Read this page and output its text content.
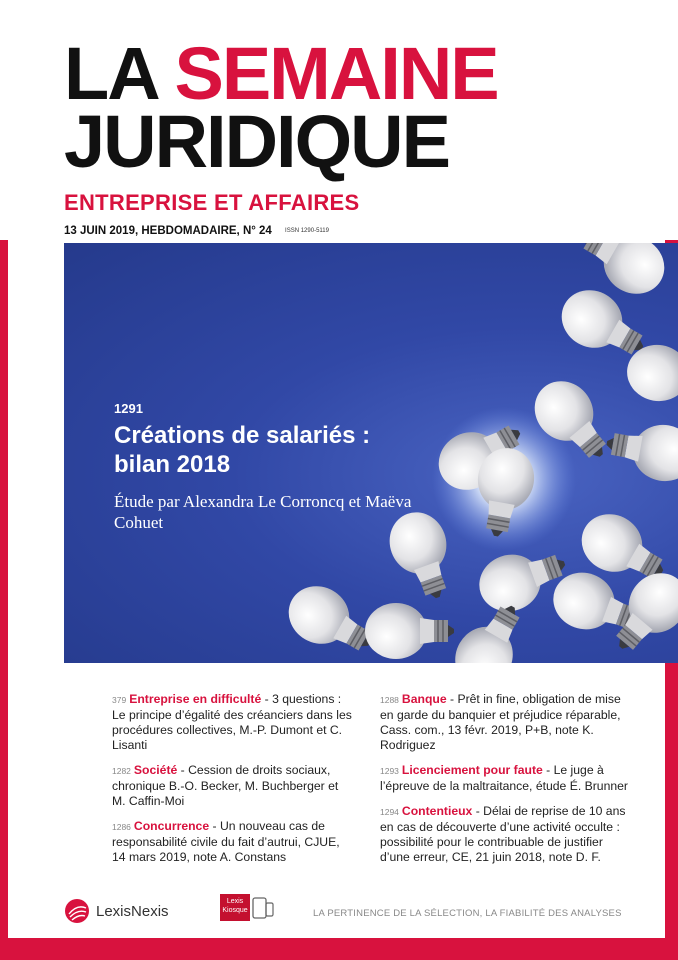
LA SEMAINE
JURIDIQUE
ENTREPRISE ET AFFAIRES
13 JUIN 2019, HEBDOMADAIRE, N° 24 ISSN 1290-5119
1291
Créations de salariés : bilan 2018
Étude par Alexandra Le Corroncq et Maëva Cohuet
379 Entreprise en difficulté - 3 questions : Le principe d’égalité des créanciers dans les procédures collectives, M.-P. Dumont et C. Lisanti
1282 Société - Cession de droits sociaux, chronique B.-O. Becker, M. Buchberger et M. Caffin-Moi
1286 Concurrence - Un nouveau cas de responsabilité civile du fait d’autrui, CJUE, 14 mars 2019, note A. Constans
1288 Banque - Prêt in fine, obligation de mise en garde du banquier et préjudice réparable, Cass. com., 13 févr. 2019, P+B, note K. Rodriguez
1293 Licenciement pour faute - Le juge à l’épreuve de la maltraitance, étude É. Brunner
1294 Contentieux - Délai de reprise de 10 ans en cas de découverte d’une activité occulte : possibilité pour le contribuable de justifier d’une erreur, CE, 21 juin 2018, note D. F.
LexisNexis
Lexis
Kiosque	LA PERTINENCE DE LA SÉLECTION, LA FIABILITÉ DES ANALYSES
